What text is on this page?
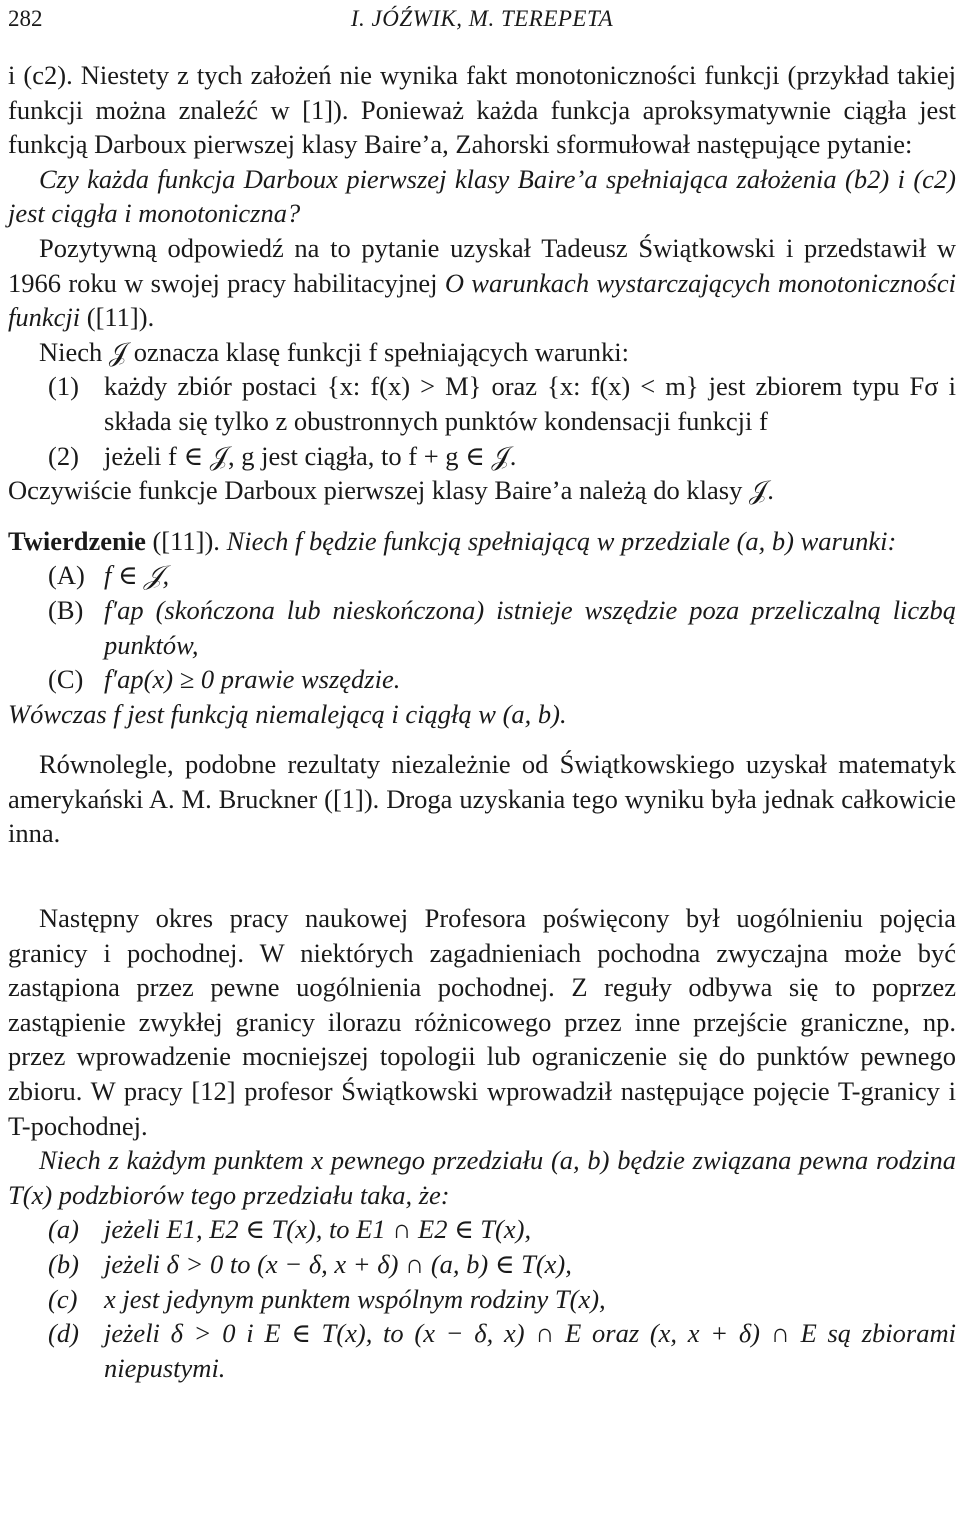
282	I. JÓŹWIK, M. TEREPETA

i (c2). Niestety z tych założeń nie wynika fakt monotoniczności funkcji (przykład takiej funkcji można znaleźć w [1]). Ponieważ każda funkcja aproksymatywnie ciągła jest funkcją Darboux pierwszej klasy Baire’a, Zahorski sformułował następujące pytanie:

Czy każda funkcja Darboux pierwszej klasy Baire’a spełniająca założenia (b2) i (c2) jest ciągła i monotoniczna?

Pozytywną odpowiedź na to pytanie uzyskał Tadeusz Świątkowski i przedstawił w 1966 roku w swojej pracy habilitacyjnej O warunkach wystarczających monotoniczności funkcji ([11]).

Niech 𝒥 oznacza klasę funkcji f spełniających warunki:

(1) każdy zbiór postaci {x: f(x) > M} oraz {x: f(x) < m} jest zbiorem typu Fσ i składa się tylko z obustronnych punktów kondensacji funkcji f
(2) jeżeli f ∈ 𝒥, g jest ciągła, to f + g ∈ 𝒥.

Oczywiście funkcje Darboux pierwszej klasy Baire’a należą do klasy 𝒥.

Twierdzenie ([11]). Niech f będzie funkcją spełniającą w przedziale (a, b) warunki:

(A) f ∈ 𝒥,
(B) f′ap (skończona lub nieskończona) istnieje wszędzie poza przeliczalną liczbą punktów,
(C) f′ap(x) ≥ 0 prawie wszędzie.

Wówczas f jest funkcją niemalejącą i ciągłą w (a, b).

Równolegle, podobne rezultaty niezależnie od Świątkowskiego uzyskał matematyk amerykański A. M. Bruckner ([1]). Droga uzyskania tego wyniku była jednak całkowicie inna.

Następny okres pracy naukowej Profesora poświęcony był uogólnieniu pojęcia granicy i pochodnej. W niektórych zagadnieniach pochodna zwyczajna może być zastąpiona przez pewne uogólnienia pochodnej. Z reguły odbywa się to poprzez zastąpienie zwykłej granicy ilorazu różnicowego przez inne przejście graniczne, np. przez wprowadzenie mocniejszej topologii lub ograniczenie się do punktów pewnego zbioru. W pracy [12] profesor Świątkowski wprowadził następujące pojęcie T-granicy i T-pochodnej.

Niech z każdym punktem x pewnego przedziału (a, b) będzie związana pewna rodzina T(x) podzbiorów tego przedziału taka, że:

(a) jeżeli E1, E2 ∈ T(x), to E1 ∩ E2 ∈ T(x),
(b) jeżeli δ > 0 to (x − δ, x + δ) ∩ (a, b) ∈ T(x),
(c) x jest jedynym punktem wspólnym rodziny T(x),
(d) jeżeli δ > 0 i E ∈ T(x), to (x − δ, x) ∩ E oraz (x, x + δ) ∩ E są zbiorami niepustymi.
